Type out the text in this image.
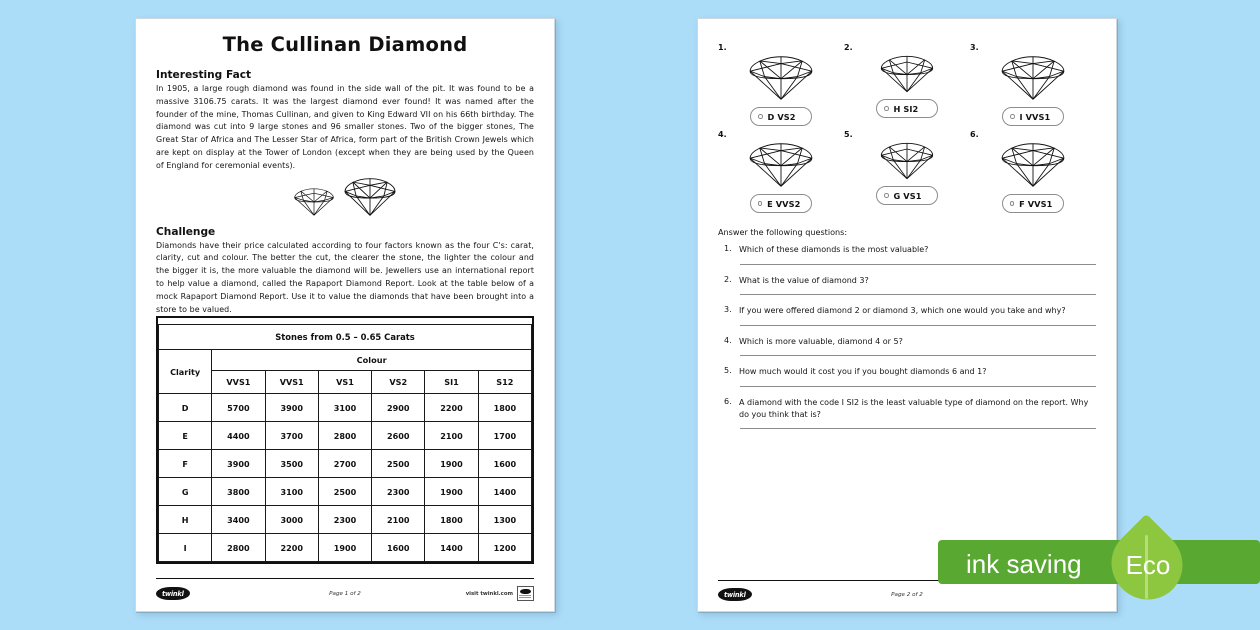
The Cullinan Diamond
Interesting Fact
In 1905, a large rough diamond was found in the side wall of the pit. It was found to be a massive 3106.75 carats. It was the largest diamond ever found! It was named after the founder of the mine, Thomas Cullinan, and given to King Edward VII on his 66th birthday. The diamond was cut into 9 large stones and 96 smaller stones. Two of the bigger stones, The Great Star of Africa and The Lesser Star of Africa, form part of the British Crown Jewels which are kept on display at the Tower of London (except when they are being used by the Queen of England for ceremonial events).
Challenge
Diamonds have their price calculated according to four factors known as the four C's: carat, clarity, cut and colour. The better the cut, the clearer the stone, the lighter the colour and the bigger it is, the more valuable the diamond will be. Jewellers use an international report to help value a diamond, called the Rapaport Diamond Report. Look at the table below of a mock Rapaport Diamond Report. Use it to value the diamonds that have been brought into a store to be valued.
Stones from 0.5 – 0.65 Carats						
Clarity	Colour					
	VVS1	VVS1	VS1	VS2	SI1	S12
D	5700	3900	3100	2900	2200	1800
E	4400	3700	2800	2600	2100	1700
F	3900	3500	2700	2500	1900	1600
G	3800	3100	2500	2300	1900	1400
H	3400	3000	2300	2100	1800	1300
I	2800	2200	1900	1600	1400	1200
twinkl	Page 1 of 2	visit twinkl.com
1.
D VS2
2.
H SI2
3.
I VVS1
4.
E VVS2
5.
G VS1
6.
F VVS1
Answer the following questions:
1. Which of these diamonds is the most valuable?
2. What is the value of diamond 3?
3. If you were offered diamond 2 or diamond 3, which one would you take and why?
4. Which is more valuable, diamond 4 or 5?
5. How much would it cost you if you bought diamonds 6 and 1?
6. A diamond with the code I SI2 is the least valuable type of diamond on the report. Why do you think that is?
twinkl	Page 2 of 2
ink saving	Eco
